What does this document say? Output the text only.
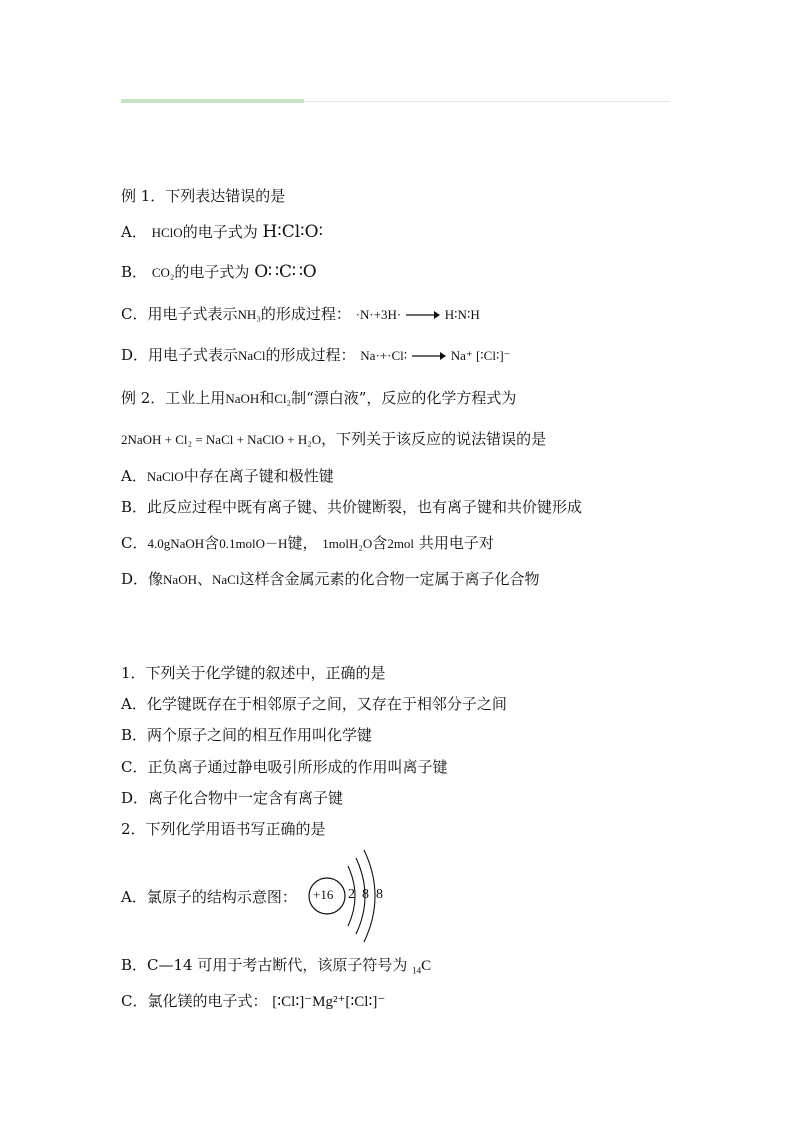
例 1．下列表达错误的是
A． HClO的电子式为 H∶Cl∶O∶
B． CO₂的电子式为 O∷C∷O
C．用电子式表示NH₃的形成过程： ·N·+3H· → H∶N∶H
D．用电子式表示NaCl的形成过程： Na·+·Cl∶ → Na⁺ [∶Cl∶]⁻
例 2．工业上用NaOH和Cl₂制“漂白液”，反应的化学方程式为
2NaOH + Cl₂ = NaCl + NaClO + H₂O，下列关于该反应的说法错误的是
A．NaClO中存在离子键和极性键
B．此反应过程中既有离子键、共价键断裂，也有离子键和共价键形成
C．4.0gNaOH含0.1molO－H键， 1molH₂O含2mol 共用电子对
D．像NaOH、NaCl这样含金属元素的化合物一定属于离子化合物
1．下列关于化学键的叙述中，正确的是
A．化学键既存在于相邻原子之间，又存在于相邻分子之间
B．两个原子之间的相互作用叫化学键
C．正负离子通过静电吸引所形成的作用叫离子键
D．离子化合物中一定含有离子键
2．下列化学用语书写正确的是
A．氯原子的结构示意图： +16 2 8 8
B．C—14 可用于考古断代，该原子符号为 $_{14}$C
C．氯化镁的电子式： [∶Cl∶]⁻Mg²⁺[∶Cl∶]⁻
